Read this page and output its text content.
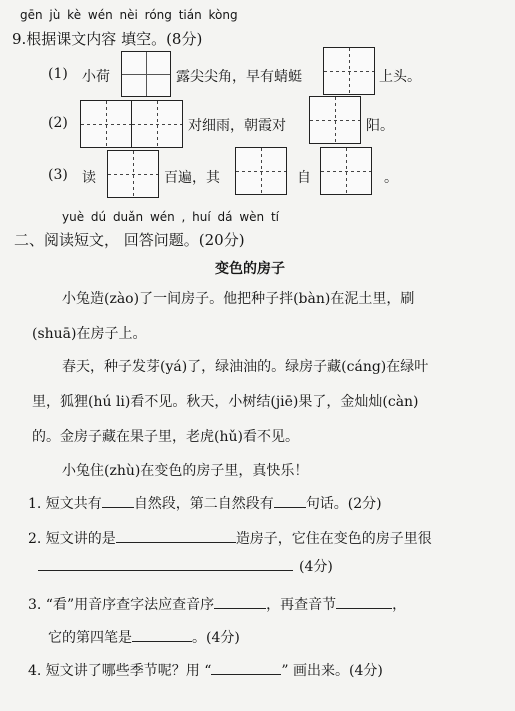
gēn jù kè wén nèi róng tián kòng
9.根据课文内容 填空。(8分)
(1) 小荷	露尖尖角，早有蜻蜓	上头。
(2)	对细雨，朝霞对	阳。
(3) 读	百遍，其	自	。
yuè dú duǎn wén , huí dá wèn tí
二、阅读短文， 回答问题。(20分)
变色的房子
小兔造(zào)了一间房子。他把种子拌(bàn)在泥土里，刷
(shuā)在房子上。
春天，种子发芽(yá)了，绿油油的。绿房子藏(cáng)在绿叶
里，狐狸(hú li)看不见。秋天，小树结(jiē)果了，金灿灿(càn)
的。金房子藏在果子里，老虎(hǔ)看不见。
小兔住(zhù)在变色的房子里，真快乐！
1. 短文共有 自然段，第二自然段有 句话。(2分)
2. 短文讲的是	造房子，它住在变色的房子里很
(4分)
3. “看”用音序查字法应查音序	，再查音节	，
它的第四笔是	。(4分)
4. 短文讲了哪些季节呢？用 “	” 画出来。(4分)
